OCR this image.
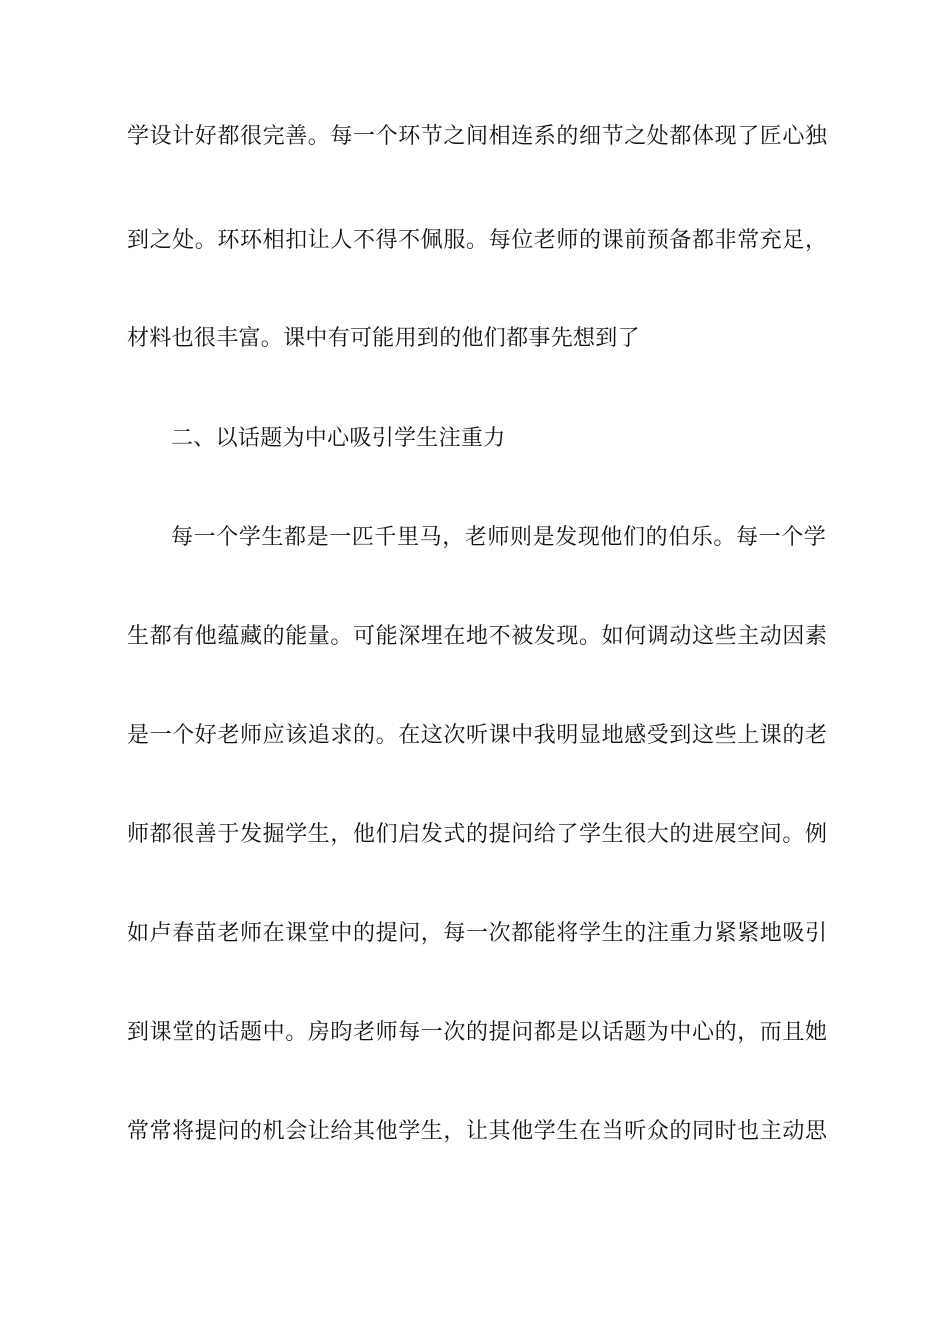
学设计好都很完善。每一个环节之间相连系的细节之处都体现了匠心独
到之处。环环相扣让人不得不佩服。每位老师的课前预备都非常充足，
材料也很丰富。课中有可能用到的他们都事先想到了
二、以话题为中心吸引学生注重力
每一个学生都是一匹千里马，老师则是发现他们的伯乐。每一个学
生都有他蕴藏的能量。可能深埋在地不被发现。如何调动这些主动因素
是一个好老师应该追求的。在这次听课中我明显地感受到这些上课的老
师都很善于发掘学生，他们启发式的提问给了学生很大的进展空间。例
如卢春苗老师在课堂中的提问，每一次都能将学生的注重力紧紧地吸引
到课堂的话题中。房昀老师每一次的提问都是以话题为中心的，而且她
常常将提问的机会让给其他学生，让其他学生在当听众的同时也主动思
